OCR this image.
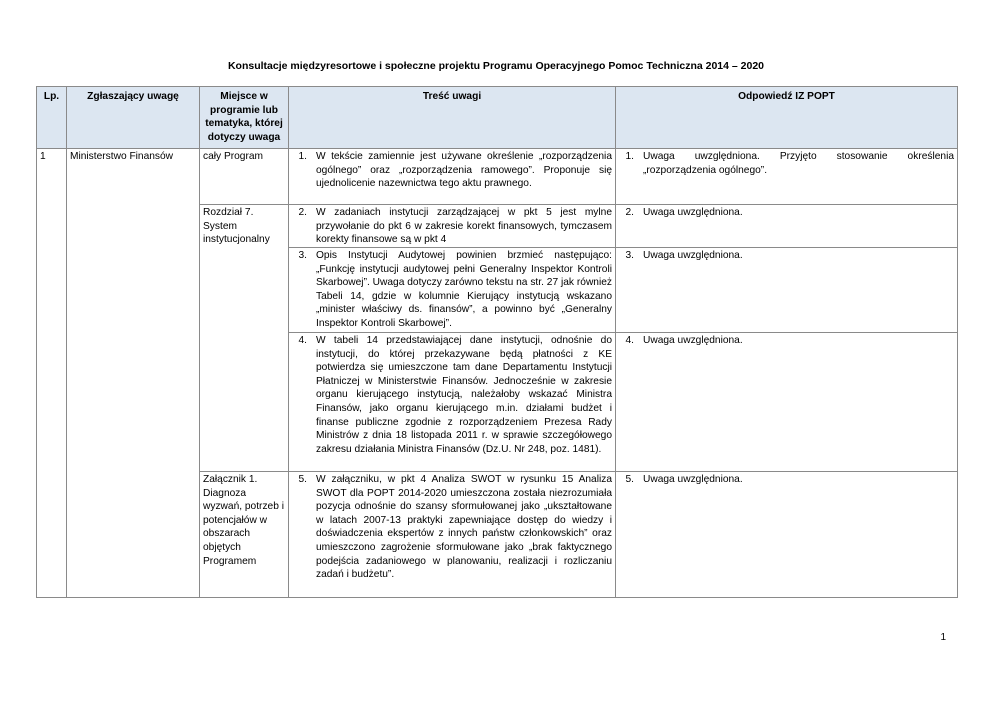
Konsultacje międzyresortowe i społeczne projektu Programu Operacyjnego Pomoc Techniczna 2014 – 2020
Lp.	Zgłaszający uwagę	Miejsce w programie lub tematyka, której dotyczy uwaga	Treść uwagi	Odpowiedź IZ POPT
1	Ministerstwo Finansów	cały Program	1. W tekście zamiennie jest używane określenie „rozporządzenia ogólnego” oraz „rozporządzenia ramowego”. Proponuje się ujednolicenie nazewnictwa tego aktu prawnego.	1. Uwaga uwzględniona. Przyjęto stosowanie określenia „rozporządzenia ogólnego”.

		Rozdział 7. System instytucjonalny	2. W zadaniach instytucji zarządzającej w pkt 5 jest mylne przywołanie do pkt 6 w zakresie korekt finansowych, tymczasem korekty finansowe są w pkt 4	2. Uwaga uwzględniona.

			3. Opis Instytucji Audytowej powinien brzmieć następująco: „Funkcję instytucji audytowej pełni Generalny Inspektor Kontroli Skarbowej”. Uwaga dotyczy zarówno tekstu na str. 27 jak również Tabeli 14, gdzie w kolumnie Kierujący instytucją wskazano „minister właściwy ds. finansów”, a powinno być „Generalny Inspektor Kontroli Skarbowej”.	3. Uwaga uwzględniona.

			4. W tabeli 14 przedstawiającej dane instytucji, odnośnie do instytucji, do której przekazywane będą płatności z KE potwierdza się umieszczone tam dane Departamentu Instytucji Płatniczej w Ministerstwie Finansów. Jednocześnie w zakresie organu kierującego instytucją, należałoby wskazać Ministra Finansów, jako organu kierującego m.in. działami budżet i finanse publiczne zgodnie z rozporządzeniem Prezesa Rady Ministrów z dnia 18 listopada 2011 r. w sprawie szczegółowego zakresu działania Ministra Finansów (Dz.U. Nr 248, poz. 1481).	4. Uwaga uwzględniona.

		Załącznik 1. Diagnoza wyzwań, potrzeb i potencjałów w obszarach objętych Programem	5. W załączniku, w pkt 4 Analiza SWOT w rysunku 15 Analiza SWOT dla POPT 2014-2020 umieszczona została niezrozumiała pozycja odnośnie do szansy sformułowanej jako „ukształtowane w latach 2007-13 praktyki zapewniające dostęp do wiedzy i doświadczenia ekspertów z innych państw członkowskich” oraz umieszczono zagrożenie sformułowane jako „brak faktycznego podejścia zadaniowego w planowaniu, realizacji i rozliczaniu zadań i budżetu”.	5. Uwaga uwzględniona.
1
